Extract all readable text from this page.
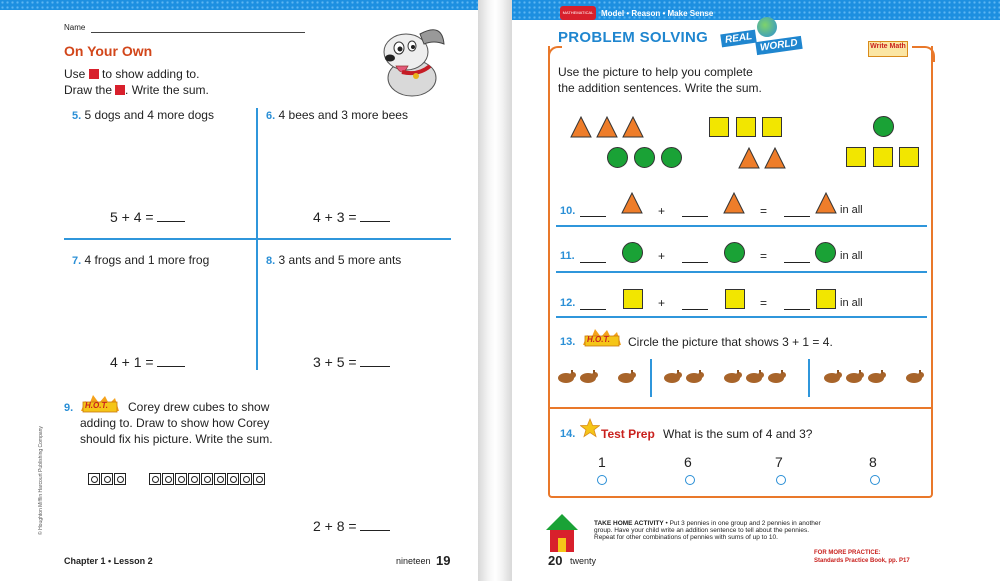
Name
On Your Own
Use to show adding to.
Draw the . Write the sum.
5. 5 dogs and 4 more dogs
5 + 4 =
6. 4 bees and 3 more bees
4 + 3 =
7. 4 frogs and 1 more frog
4 + 1 =
8. 3 ants and 5 more ants
3 + 5 =
9. H.O.T. Corey drew cubes to show
adding to. Draw to show how Corey
should fix his picture. Write the sum.
2 + 8 =
© Houghton Mifflin Harcourt Publishing Company
Chapter 1 • Lesson 2	nineteen 19
MATHEMATICAL PRACTICES
Model • Reason • Make Sense
PROBLEM SOLVING	REAL WORLD	Write Math
Use the picture to help you complete
the addition sentences. Write the sum.
10.	+	=	in all
11.	+	=	in all
12.	+	=	in all
13. H.O.T. Circle the picture that shows 3 + 1 = 4.
14. Test Prep What is the sum of 4 and 3?
1	6	7	8
TAKE HOME ACTIVITY • Put 3 pennies in one group and 2 pennies in another
group. Have your child write an addition sentence to tell about the pennies.
Repeat for other combinations of pennies with sums of up to 10.
FOR MORE PRACTICE:
Standards Practice Book, pp. P17
20 twenty
